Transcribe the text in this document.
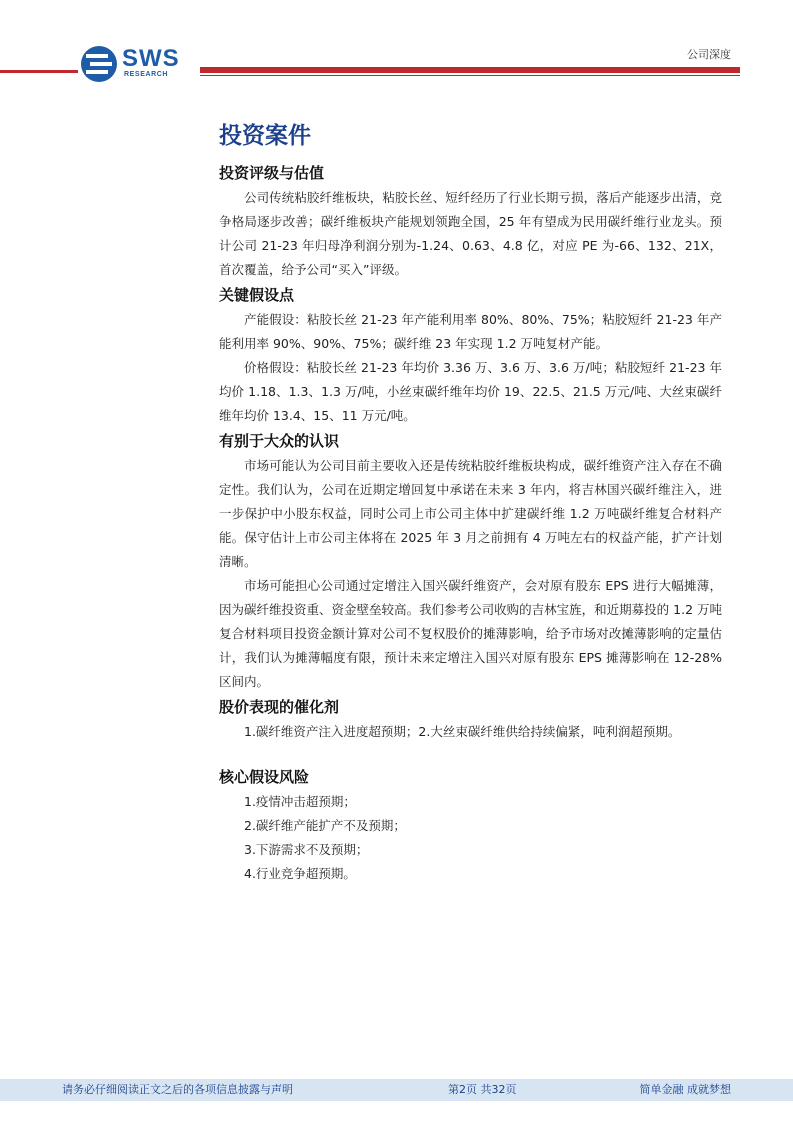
SWS
RESEARCH
公司深度
投资案件
投资评级与估值

公司传统粘胶纤维板块，粘胶长丝、短纤经历了行业长期亏损，落后产能逐步出清，竞争格局逐步改善；碳纤维板块产能规划领跑全国，25 年有望成为民用碳纤维行业龙头。预计公司 21-23 年归母净利润分别为-1.24、0.63、4.8 亿，对应 PE 为-66、132、21X，首次覆盖，给予公司“买入”评级。

关键假设点

产能假设：粘胶长丝 21-23 年产能利用率 80%、80%、75%；粘胶短纤 21-23 年产能利用率 90%、90%、75%；碳纤维 23 年实现 1.2 万吨复材产能。

价格假设：粘胶长丝 21-23 年均价 3.36 万、3.6 万、3.6 万/吨；粘胶短纤 21-23 年均价 1.18、1.3、1.3 万/吨，小丝束碳纤维年均价 19、22.5、21.5 万元/吨、大丝束碳纤维年均价 13.4、15、11 万元/吨。

有别于大众的认识

市场可能认为公司目前主要收入还是传统粘胶纤维板块构成，碳纤维资产注入存在不确定性。我们认为，公司在近期定增回复中承诺在未来 3 年内，将吉林国兴碳纤维注入，进一步保护中小股东权益，同时公司上市公司主体中扩建碳纤维 1.2 万吨碳纤维复合材料产能。保守估计上市公司主体将在 2025 年 3 月之前拥有 4 万吨左右的权益产能，扩产计划清晰。

市场可能担心公司通过定增注入国兴碳纤维资产，会对原有股东 EPS 进行大幅摊薄，因为碳纤维投资重、资金壁垒较高。我们参考公司收购的吉林宝旌，和近期募投的 1.2 万吨复合材料项目投资金额计算对公司不复权股价的摊薄影响，给予市场对改摊薄影响的定量估计，我们认为摊薄幅度有限，预计未来定增注入国兴对原有股东 EPS 摊薄影响在 12-28%区间内。

股价表现的催化剂

1.碳纤维资产注入进度超预期；2.大丝束碳纤维供给持续偏紧，吨利润超预期。

核心假设风险
1.疫情冲击超预期；
2.碳纤维产能扩产不及预期；
3.下游需求不及预期；
4.行业竞争超预期。
请务必仔细阅读正文之后的各项信息披露与声明	第2页 共32页	简单金融 成就梦想
